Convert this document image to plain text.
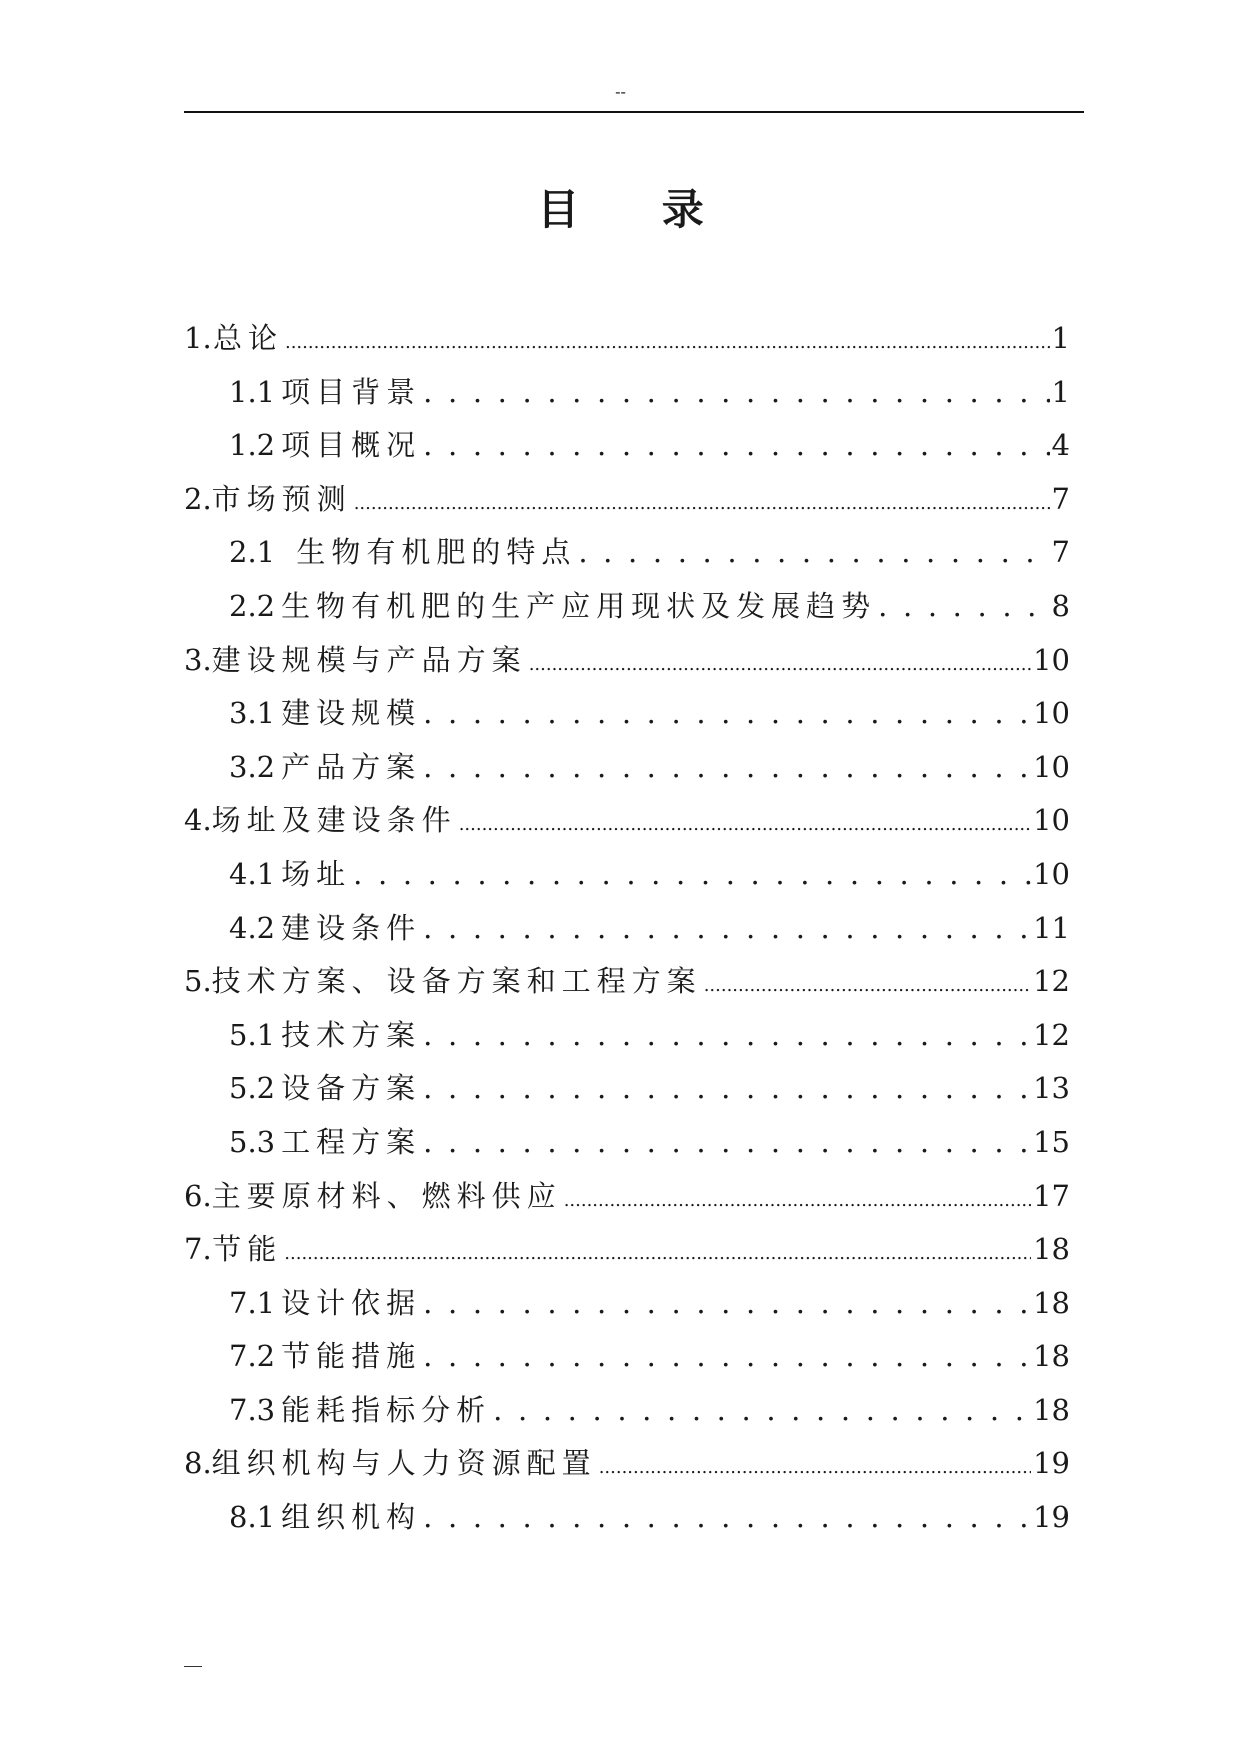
--
目 录
1. 总论 .....	1
1.1 项目背景 . . .	1
1.2 项目概况 . . .	4
2. 市场预测 .....	7
2.1 生物有机肥的特点 . . .	7
2.2 生物有机肥的生产应用现状及发展趋势 . . .	8
3. 建设规模与产品方案 .....	10
3.1 建设规模 . . .	10
3.2 产品方案 . . .	10
4. 场址及建设条件 .....	10
4.1 场址 . . .	10
4.2 建设条件 . . .	11
5. 技术方案、设备方案和工程方案 .....	12
5.1 技术方案 . . .	12
5.2 设备方案 . . .	13
5.3 工程方案 . . .	15
6. 主要原材料、燃料供应 .....	17
7. 节能 .....	18
7.1 设计依据 . . .	18
7.2 节能措施 . . .	18
7.3 能耗指标分析 . . .	18
8. 组织机构与人力资源配置 .....	19
8.1 组织机构 . . .	19
